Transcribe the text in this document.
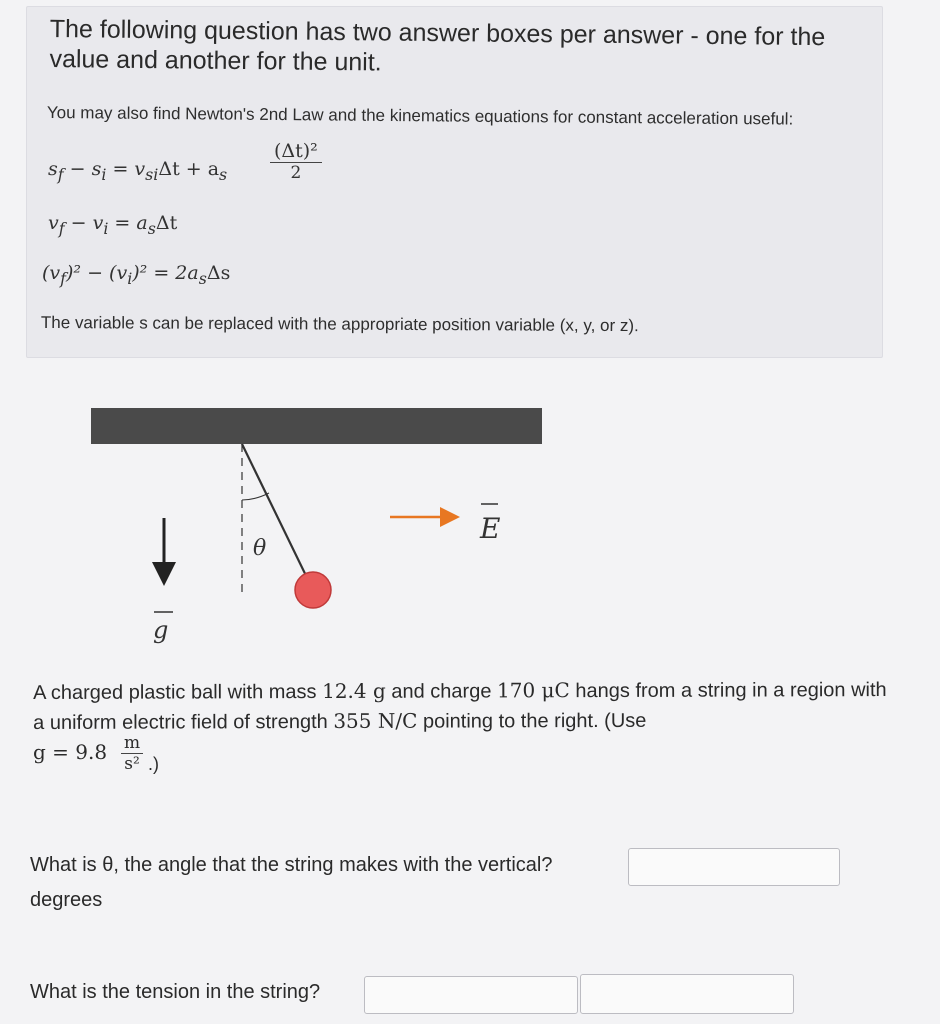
The following question has two answer boxes per answer - one for the value and another for the unit.
You may also find Newton's 2nd Law and the kinematics equations for constant acceleration useful:
$s_f - s_i = v_{si}\Delta t + a_s \frac{\text{(Δt)²}}{2}$
$v_f - v_i = a_s\Delta t$
$(v_f)^2 - (v_i)^2 = 2a_s\Delta s$
The variable s can be replaced with the appropriate position variable (x, y, or z).
θ
g
E
A charged plastic ball with mass 12.4 g and charge 170 μC hangs from a string in a region with a uniform electric field of strength 355 N/C pointing to the right. (Use
$g = 9.8 \frac{m}{\text{s²}}$ .)
What is θ, the angle that the string makes with the vertical?
degrees
What is the tension in the string?
